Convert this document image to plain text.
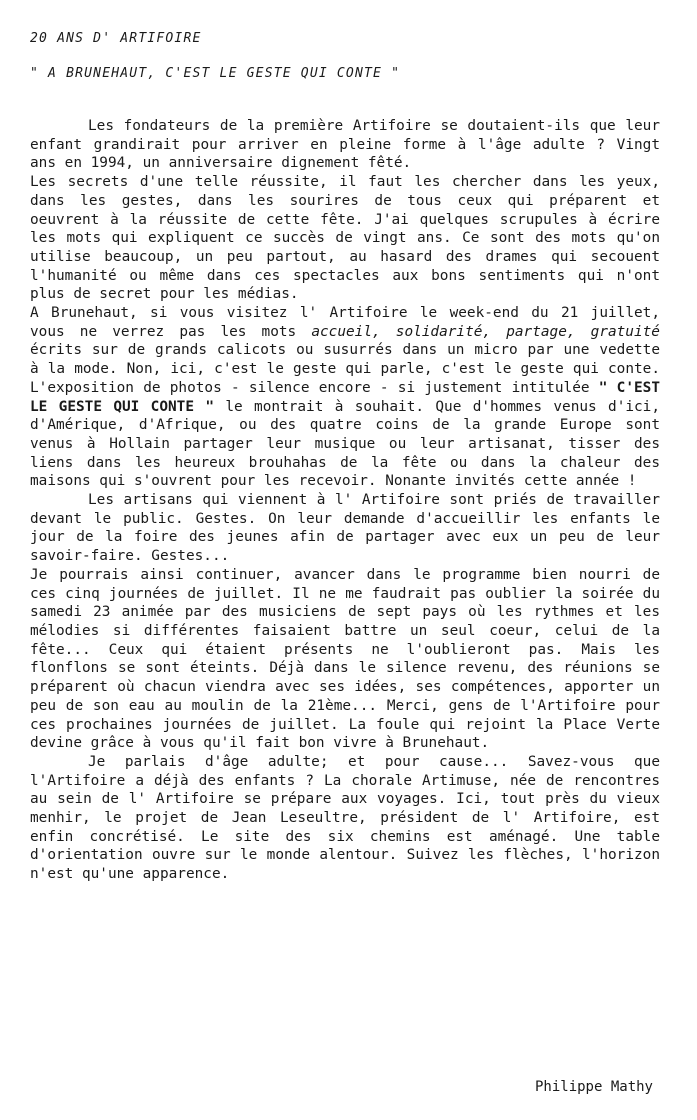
20 ANS D' ARTIFOIRE
" A BRUNEHAUT, C'EST LE GESTE QUI CONTE "

Les fondateurs de la première Artifoire se doutaient-ils que leur enfant grandirait pour arriver en pleine forme à l'âge adulte ? Vingt ans en 1994, un anniversaire dignement fêté.

Les secrets d'une telle réussite, il faut les chercher dans les yeux, dans les gestes, dans les sourires de tous ceux qui préparent et oeuvrent à la réussite de cette fête. J'ai quelques scrupules à écrire les mots qui expliquent ce succès de vingt ans. Ce sont des mots qu'on utilise beaucoup, un peu partout, au hasard des drames qui secouent l'humanité ou même dans ces spectacles aux bons sentiments qui n'ont plus de secret pour les médias.

A Brunehaut, si vous visitez l' Artifoire le week-end du 21 juillet, vous ne verrez pas les mots accueil, solidarité, partage, gratuité écrits sur de grands calicots ou susurrés dans un micro par une vedette à la mode. Non, ici, c'est le geste qui parle, c'est le geste qui conte. L'exposition de photos - silence encore - si justement intitulée " C'EST LE GESTE QUI CONTE " le montrait à souhait. Que d'hommes venus d'ici, d'Amérique, d'Afrique, ou des quatre coins de la grande Europe sont venus à Hollain partager leur musique ou leur artisanat, tisser des liens dans les heureux brouhahas de la fête ou dans la chaleur des maisons qui s'ouvrent pour les recevoir. Nonante invités cette année !

Les artisans qui viennent à l' Artifoire sont priés de travailler devant le public. Gestes. On leur demande d'accueillir les enfants le jour de la foire des jeunes afin de partager avec eux un peu de leur savoir-faire. Gestes...

Je pourrais ainsi continuer, avancer dans le programme bien nourri de ces cinq journées de juillet. Il ne me faudrait pas oublier la soirée du samedi 23 animée par des musiciens de sept pays où les rythmes et les mélodies si différentes faisaient battre un seul coeur, celui de la fête... Ceux qui étaient présents ne l'oublieront pas. Mais les flonflons se sont éteints. Déjà dans le silence revenu, des réunions se préparent où chacun viendra avec ses idées, ses compétences, apporter un peu de son eau au moulin de la 21ème... Merci, gens de l'Artifoire pour ces prochaines journées de juillet. La foule qui rejoint la Place Verte devine grâce à vous qu'il fait bon vivre à Brunehaut.

Je parlais d'âge adulte; et pour cause... Savez-vous que l'Artifoire a déjà des enfants ? La chorale Artimuse, née de rencontres au sein de l' Artifoire se prépare aux voyages. Ici, tout près du vieux menhir, le projet de Jean Leseultre, président de l' Artifoire, est enfin concrétisé. Le site des six chemins est aménagé. Une table d'orientation ouvre sur le monde alentour. Suivez les flèches, l'horizon n'est qu'une apparence.

Philippe Mathy
